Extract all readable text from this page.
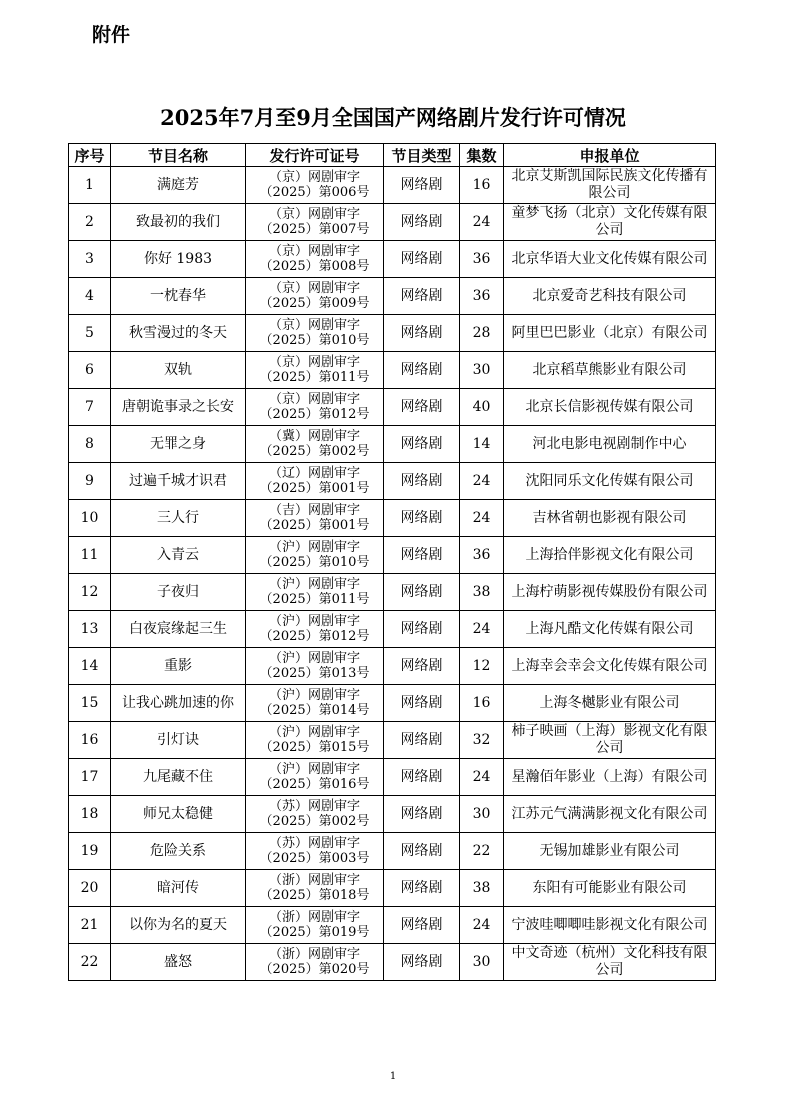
附件
2025年7月至9月全国国产网络剧片发行许可情况
序号	节目名称	发行许可证号	节目类型	集数	申报单位
1	满庭芳	（京）网剧审字
（2025）第006号	网络剧	16	北京艾斯凯国际民族文化传播有限公司
2	致最初的我们	（京）网剧审字
（2025）第007号	网络剧	24	童梦飞扬（北京）文化传媒有限公司
3	你好 1983	（京）网剧审字
（2025）第008号	网络剧	36	北京华语大业文化传媒有限公司
4	一枕春华	（京）网剧审字
（2025）第009号	网络剧	36	北京爱奇艺科技有限公司
5	秋雪漫过的冬天	（京）网剧审字
（2025）第010号	网络剧	28	阿里巴巴影业（北京）有限公司
6	双轨	（京）网剧审字
（2025）第011号	网络剧	30	北京稻草熊影业有限公司
7	唐朝诡事录之长安	（京）网剧审字
（2025）第012号	网络剧	40	北京长信影视传媒有限公司
8	无罪之身	（冀）网剧审字
（2025）第002号	网络剧	14	河北电影电视剧制作中心
9	过遍千城才识君	（辽）网剧审字
（2025）第001号	网络剧	24	沈阳同乐文化传媒有限公司
10	三人行	（吉）网剧审字
（2025）第001号	网络剧	24	吉林省朝也影视有限公司
11	入青云	（沪）网剧审字
（2025）第010号	网络剧	36	上海拾伴影视文化有限公司
12	子夜归	（沪）网剧审字
（2025）第011号	网络剧	38	上海柠萌影视传媒股份有限公司
13	白夜宸缘起三生	（沪）网剧审字
（2025）第012号	网络剧	24	上海凡酷文化传媒有限公司
14	重影	（沪）网剧审字
（2025）第013号	网络剧	12	上海幸会幸会文化传媒有限公司
15	让我心跳加速的你	（沪）网剧审字
（2025）第014号	网络剧	16	上海冬樾影业有限公司
16	引灯诀	（沪）网剧审字
（2025）第015号	网络剧	32	柿子映画（上海）影视文化有限公司
17	九尾藏不住	（沪）网剧审字
（2025）第016号	网络剧	24	星瀚佰年影业（上海）有限公司
18	师兄太稳健	（苏）网剧审字
（2025）第002号	网络剧	30	江苏元气满满影视文化有限公司
19	危险关系	（苏）网剧审字
（2025）第003号	网络剧	22	无锡加雄影业有限公司
20	暗河传	（浙）网剧审字
（2025）第018号	网络剧	38	东阳有可能影业有限公司
21	以你为名的夏天	（浙）网剧审字
（2025）第019号	网络剧	24	宁波哇唧唧哇影视文化有限公司
22	盛怒	（浙）网剧审字
（2025）第020号	网络剧	30	中文奇迹（杭州）文化科技有限公司
1
